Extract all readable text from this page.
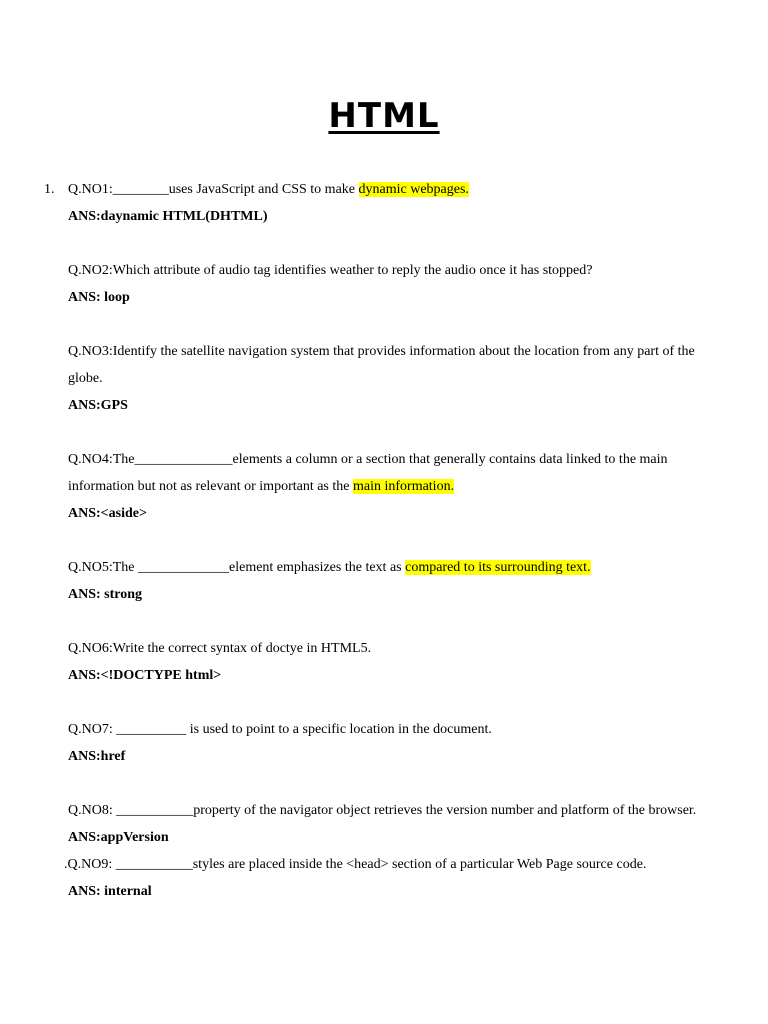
HTML
1. Q.NO1:________uses JavaScript and CSS to make dynamic webpages.

ANS:daynamic HTML(DHTML)

Q.NO2:Which attribute of audio tag identifies weather to reply the audio once it has stopped?

ANS: loop

Q.NO3:Identify the satellite navigation system that provides information about the location from any part of the globe.

ANS:GPS

Q.NO4:The______________elements a column or a section that generally contains data linked to the main information but not as relevant or important as the main information.

ANS:<aside>

Q.NO5:The _____________element emphasizes the text as compared to its surrounding text.

ANS: strong

Q.NO6:Write the correct syntax of doctye in HTML5.

ANS:<!DOCTYPE html>

Q.NO7: __________ is used to point to a specific location in the document.

ANS:href

Q.NO8: ___________property of the navigator object retrieves the version number and platform of the browser.

ANS:appVersion

.Q.NO9: ___________styles are placed inside the <head> section of a particular Web Page source code.

ANS: internal
